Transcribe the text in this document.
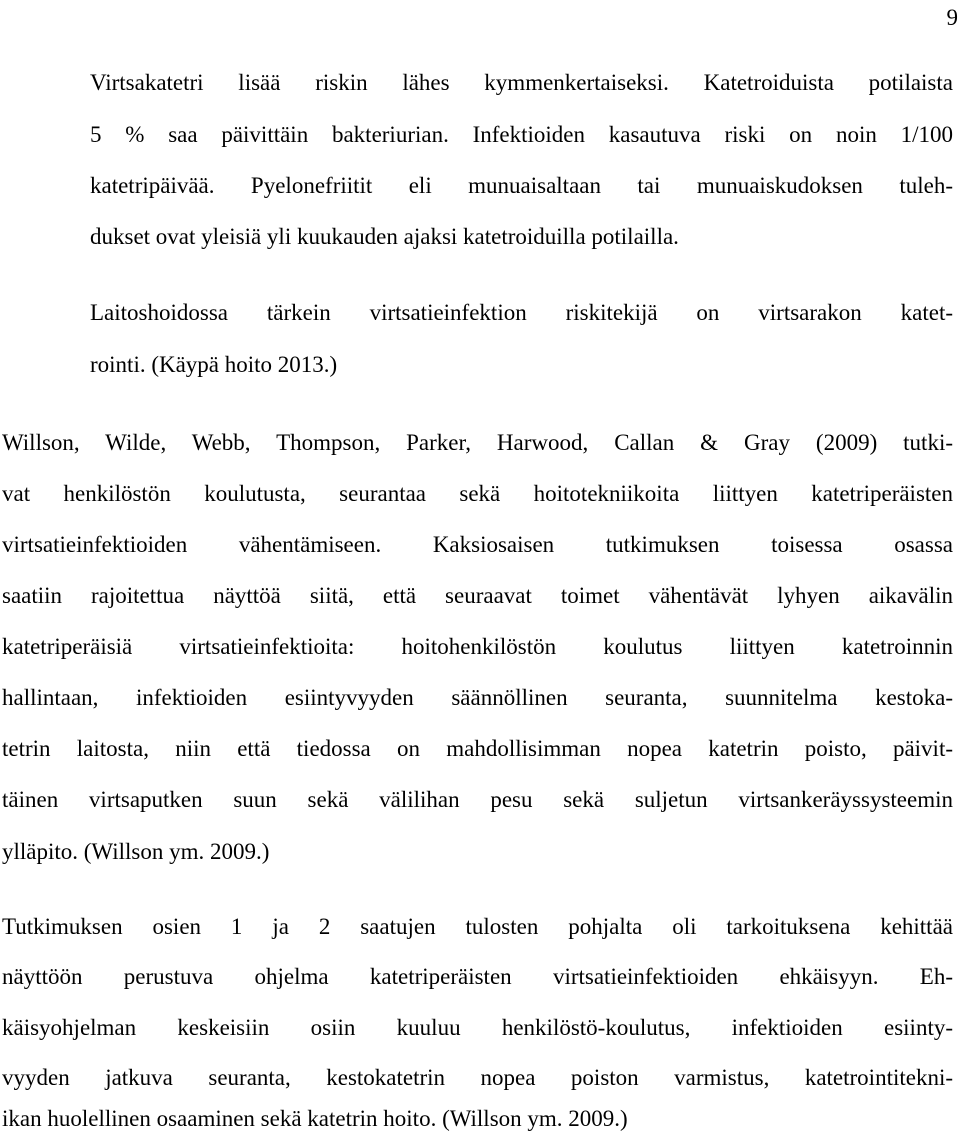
9
Virtsakatetri lisää riskin lähes kymmenkertaiseksi. Katetroiduista potilaista
5 % saa päivittäin bakteriurian. Infektioiden kasautuva riski on noin 1/100
katetripäivää. Pyelonefriitit eli munuaisaltaan tai munuaiskudoksen tuleh-
dukset ovat yleisiä yli kuukauden ajaksi katetroiduilla potilailla.
Laitoshoidossa tärkein virtsatieinfektion riskitekijä on virtsarakon katet-
rointi. (Käypä hoito 2013.)
Willson, Wilde, Webb, Thompson, Parker, Harwood, Callan & Gray (2009) tutki-
vat henkilöstön koulutusta, seurantaa sekä hoitotekniikoita liittyen katetriperäisten
virtsatieinfektioiden vähentämiseen. Kaksiosaisen tutkimuksen toisessa osassa
saatiin rajoitettua näyttöä siitä, että seuraavat toimet vähentävät lyhyen aikavälin
katetriperäisiä virtsatieinfektioita: hoitohenkilöstön koulutus liittyen katetroinnin
hallintaan, infektioiden esiintyvyyden säännöllinen seuranta, suunnitelma kestoka-
tetrin laitosta, niin että tiedossa on mahdollisimman nopea katetrin poisto, päivit-
täinen virtsaputken suun sekä välilihan pesu sekä suljetun virtsankeräyssysteemin
ylläpito. (Willson ym. 2009.)
Tutkimuksen osien 1 ja 2 saatujen tulosten pohjalta oli tarkoituksena kehittää
näyttöön perustuva ohjelma katetriperäisten virtsatieinfektioiden ehkäisyyn. Eh-
käisyohjelman keskeisiin osiin kuuluu henkilöstö-koulutus, infektioiden esiinty-
vyyden jatkuva seuranta, kestokatetrin nopea poiston varmistus, katetrointitekni-
ikan huolellinen osaaminen sekä katetrin hoito. (Willson ym. 2009.)
